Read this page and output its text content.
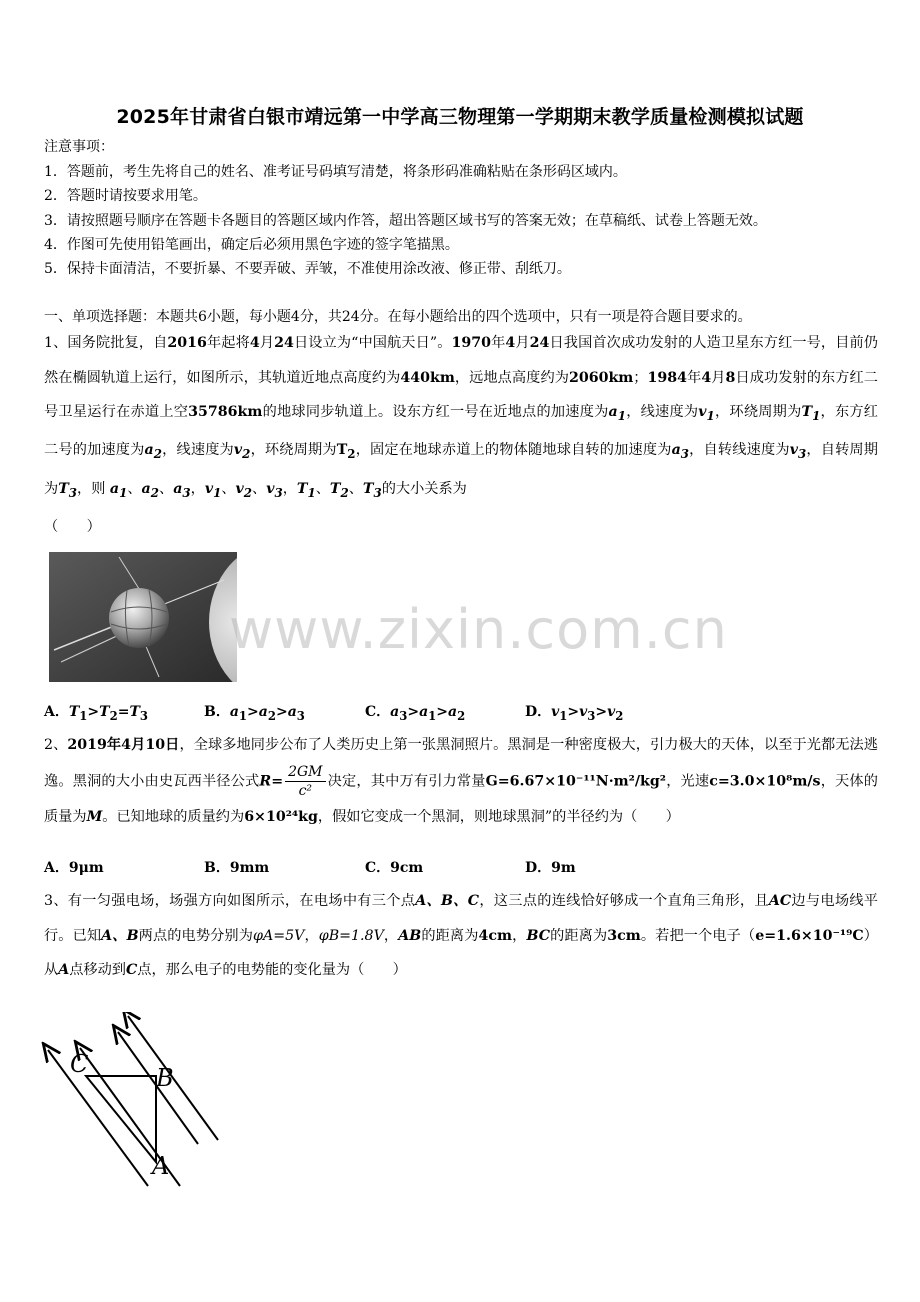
2025年甘肃省白银市靖远第一中学高三物理第一学期期末教学质量检测模拟试题
注意事项：
1．答题前，考生先将自己的姓名、准考证号码填写清楚，将条形码准确粘贴在条形码区域内。
2．答题时请按要求用笔。
3．请按照题号顺序在答题卡各题目的答题区域内作答，超出答题区域书写的答案无效；在草稿纸、试卷上答题无效。
4．作图可先使用铅笔画出，确定后必须用黑色字迹的签字笔描黑。
5．保持卡面清洁，不要折暴、不要弄破、弄皱，不准使用涂改液、修正带、刮纸刀。
一、单项选择题：本题共6小题，每小题4分，共24分。在每小题给出的四个选项中，只有一项是符合题目要求的。
1、国务院批复，自2016年起将4月24日设立为“中国航天日”。1970年4月24日我国首次成功发射的人造卫星东方红一号，目前仍然在椭圆轨道上运行，如图所示，其轨道近地点高度约为440km，远地点高度约为2060km；1984年4月8日成功发射的东方红二号卫星运行在赤道上空35786km的地球同步轨道上。设东方红一号在近地点的加速度为$a_1$，线速度为$v_1$，环绕周期为$T_1$，东方红二号的加速度为$a_2$，线速度为$v_2$，环绕周期为$T_2$，固定在地球赤道上的物体随地球自转的加速度为$a_3$，自转线速度为$v_3$，自转周期为$T_3$，则 $a_1$、$a_2$、$a_3$，$v_1$、$v_2$、$v_3$，$T_1$、$T_2$、$T_3$的大小关系为
（　　）
www.zixin.com.cn
A．$T_1>T_2=T_3$	B．$a_1>a_2>a_3$	C．$a_3>a_1>a_2$	D．$v_1>v_3>v_2$
2、2019年4月10日，全球多地同步公布了人类历史上第一张黑洞照片。黑洞是一种密度极大，引力极大的天体，以至于光都无法逃逸。黑洞的大小由史瓦西半径公式$R= \frac{2GM}{\text{c²}}$ 决定，其中万有引力常量G=6.67×10⁻¹¹N·m²/kg²，光速c=3.0×10⁸m/s，天体的质量为M。已知地球的质量约为6×10²⁴kg，假如它变成一个黑洞，则地球黑洞”的半径约为（　　）
A．9μm	B．9mm	C．9cm	D．9m
3、有一匀强电场，场强方向如图所示，在电场中有三个点A、B、C，这三点的连线恰好够成一个直角三角形，且AC边与电场线平行。已知A、B两点的电势分别为φA=5V，φB=1.8V，AB的距离为4cm，BC的距离为3cm。若把一个电子（e=1.6×10⁻¹⁹C）从A点移动到C点，那么电子的电势能的变化量为（　　）
C	B
A
